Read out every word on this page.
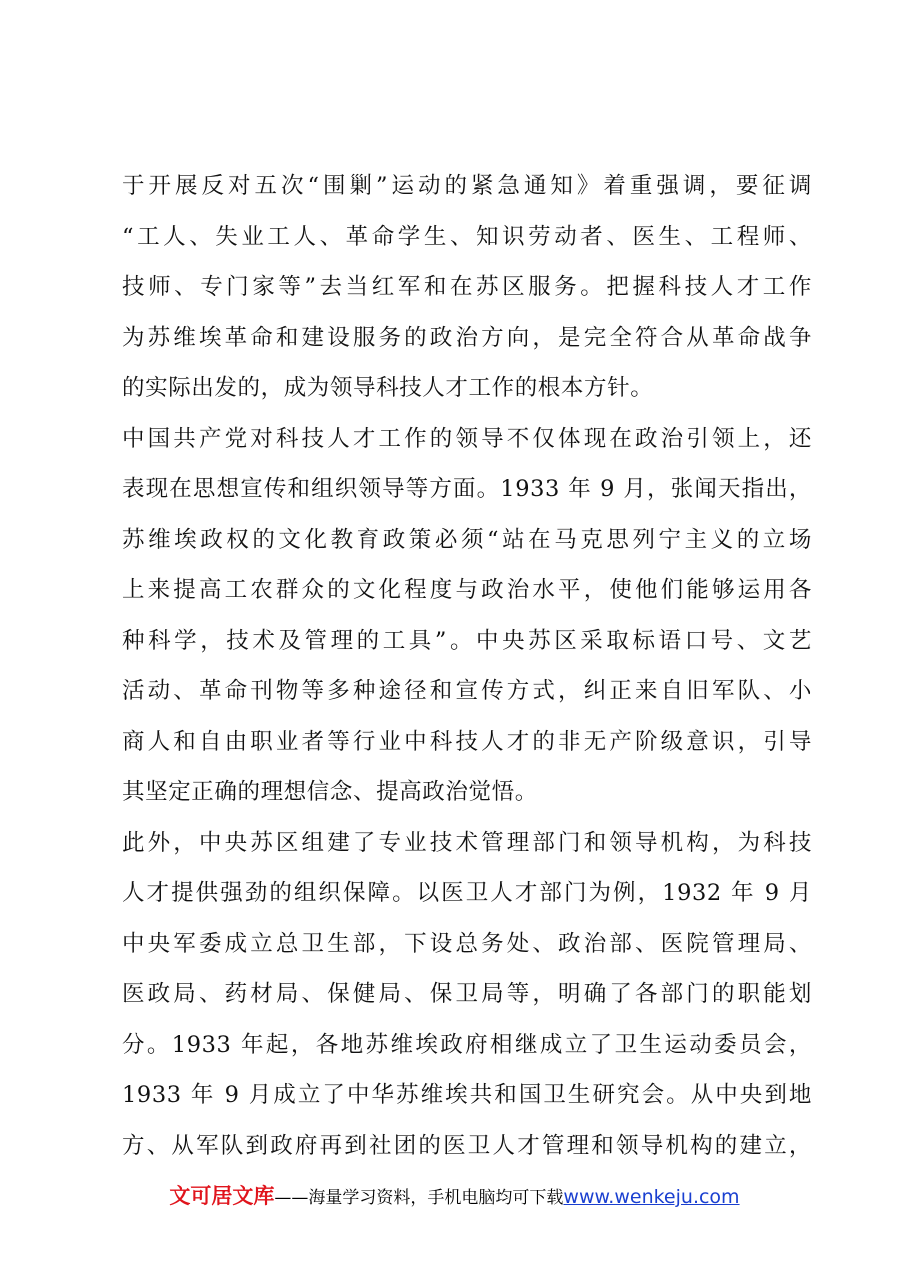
于开展反对五次“围剿”运动的紧急通知》着重强调，要征调
“工人、失业工人、革命学生、知识劳动者、医生、工程师、
技师、专门家等”去当红军和在苏区服务。把握科技人才工作
为苏维埃革命和建设服务的政治方向，是完全符合从革命战争
的实际出发的，成为领导科技人才工作的根本方针。
中国共产党对科技人才工作的领导不仅体现在政治引领上，还
表现在思想宣传和组织领导等方面。1933 年 9 月，张闻天指出，
苏维埃政权的文化教育政策必须“站在马克思列宁主义的立场
上来提高工农群众的文化程度与政治水平，使他们能够运用各
种科学，技术及管理的工具”。中央苏区采取标语口号、文艺
活动、革命刊物等多种途径和宣传方式，纠正来自旧军队、小
商人和自由职业者等行业中科技人才的非无产阶级意识，引导
其坚定正确的理想信念、提高政治觉悟。
此外，中央苏区组建了专业技术管理部门和领导机构，为科技
人才提供强劲的组织保障。以医卫人才部门为例，1932 年 9 月
中央军委成立总卫生部，下设总务处、政治部、医院管理局、
医政局、药材局、保健局、保卫局等，明确了各部门的职能划
分。1933 年起，各地苏维埃政府相继成立了卫生运动委员会，
1933 年 9 月成立了中华苏维埃共和国卫生研究会。从中央到地
方、从军队到政府再到社团的医卫人才管理和领导机构的建立，
文可居文库——海量学习资料，手机电脑均可下载www.wenkeju.com
